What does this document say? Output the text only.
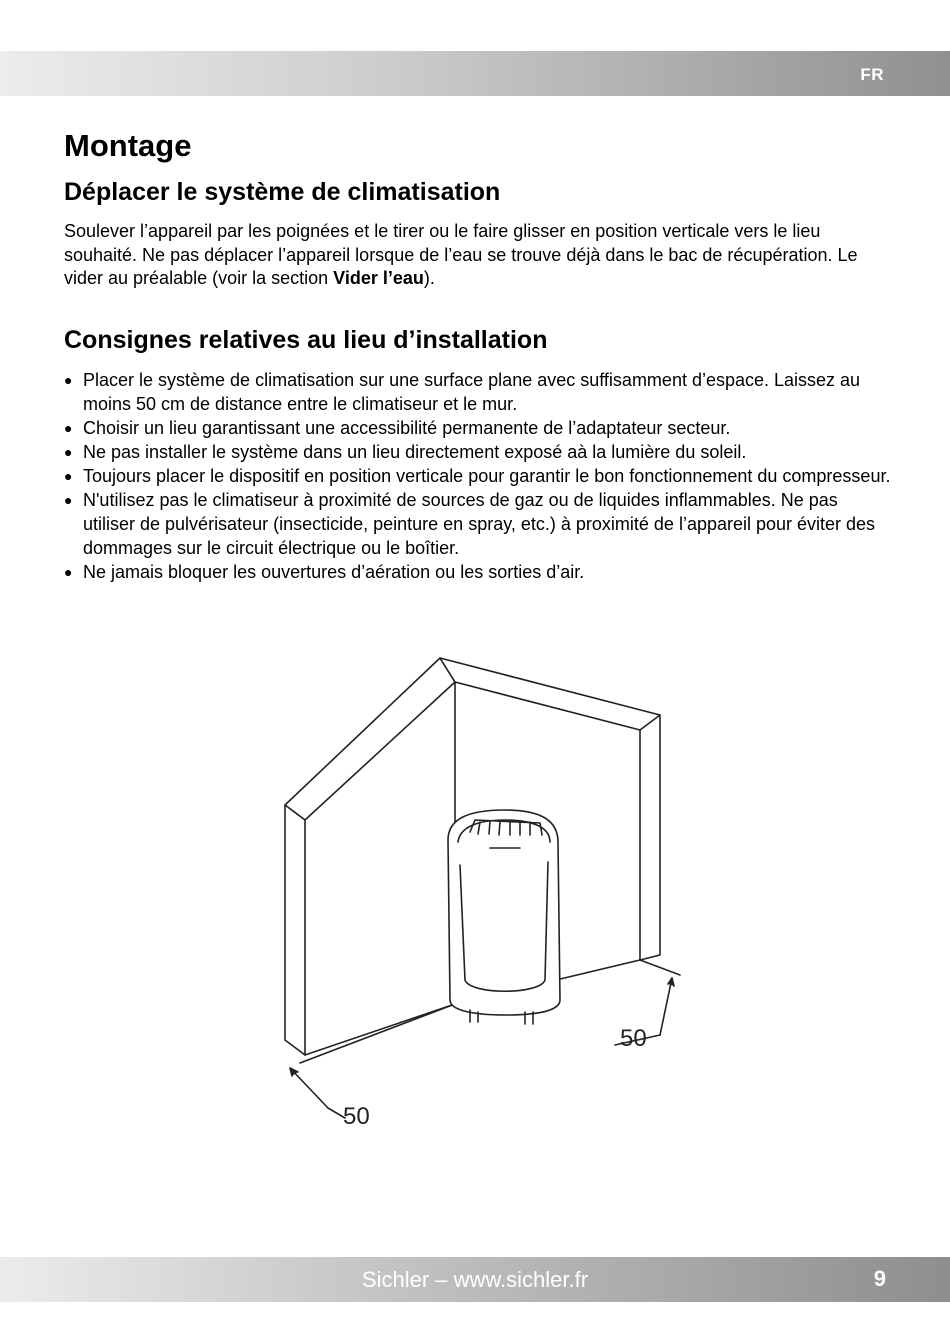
FR
Montage
Déplacer le système de climatisation

Soulever l’appareil par les poignées et le tirer ou le faire glisser en position verticale vers le lieu souhaité. Ne pas déplacer l’appareil lorsque de l’eau se trouve déjà dans le bac de récupération. Le vider au préalable (voir la section Vider l’eau).

Consignes relatives au lieu d’installation
● Placer le système de climatisation sur une surface plane avec suffisamment d’espace. Laissez au moins 50 cm de distance entre le climatiseur et le mur.
● Choisir un lieu garantissant une accessibilité permanente de l’adaptateur secteur.
● Ne pas installer le système dans un lieu directement exposé aà la lumière du soleil.
● Toujours placer le dispositif en position verticale pour garantir le bon fonctionnement du compresseur.
● N'utilisez pas le climatiseur à proximité de sources de gaz ou de liquides inflammables. Ne pas utiliser de pulvérisateur (insecticide, peinture en spray, etc.) à proximité de l’appareil pour éviter des dommages sur le circuit électrique ou le boîtier.
● Ne jamais bloquer les ouvertures d’aération ou les sorties d’air.
50
50
Sichler – www.sichler.fr	9
